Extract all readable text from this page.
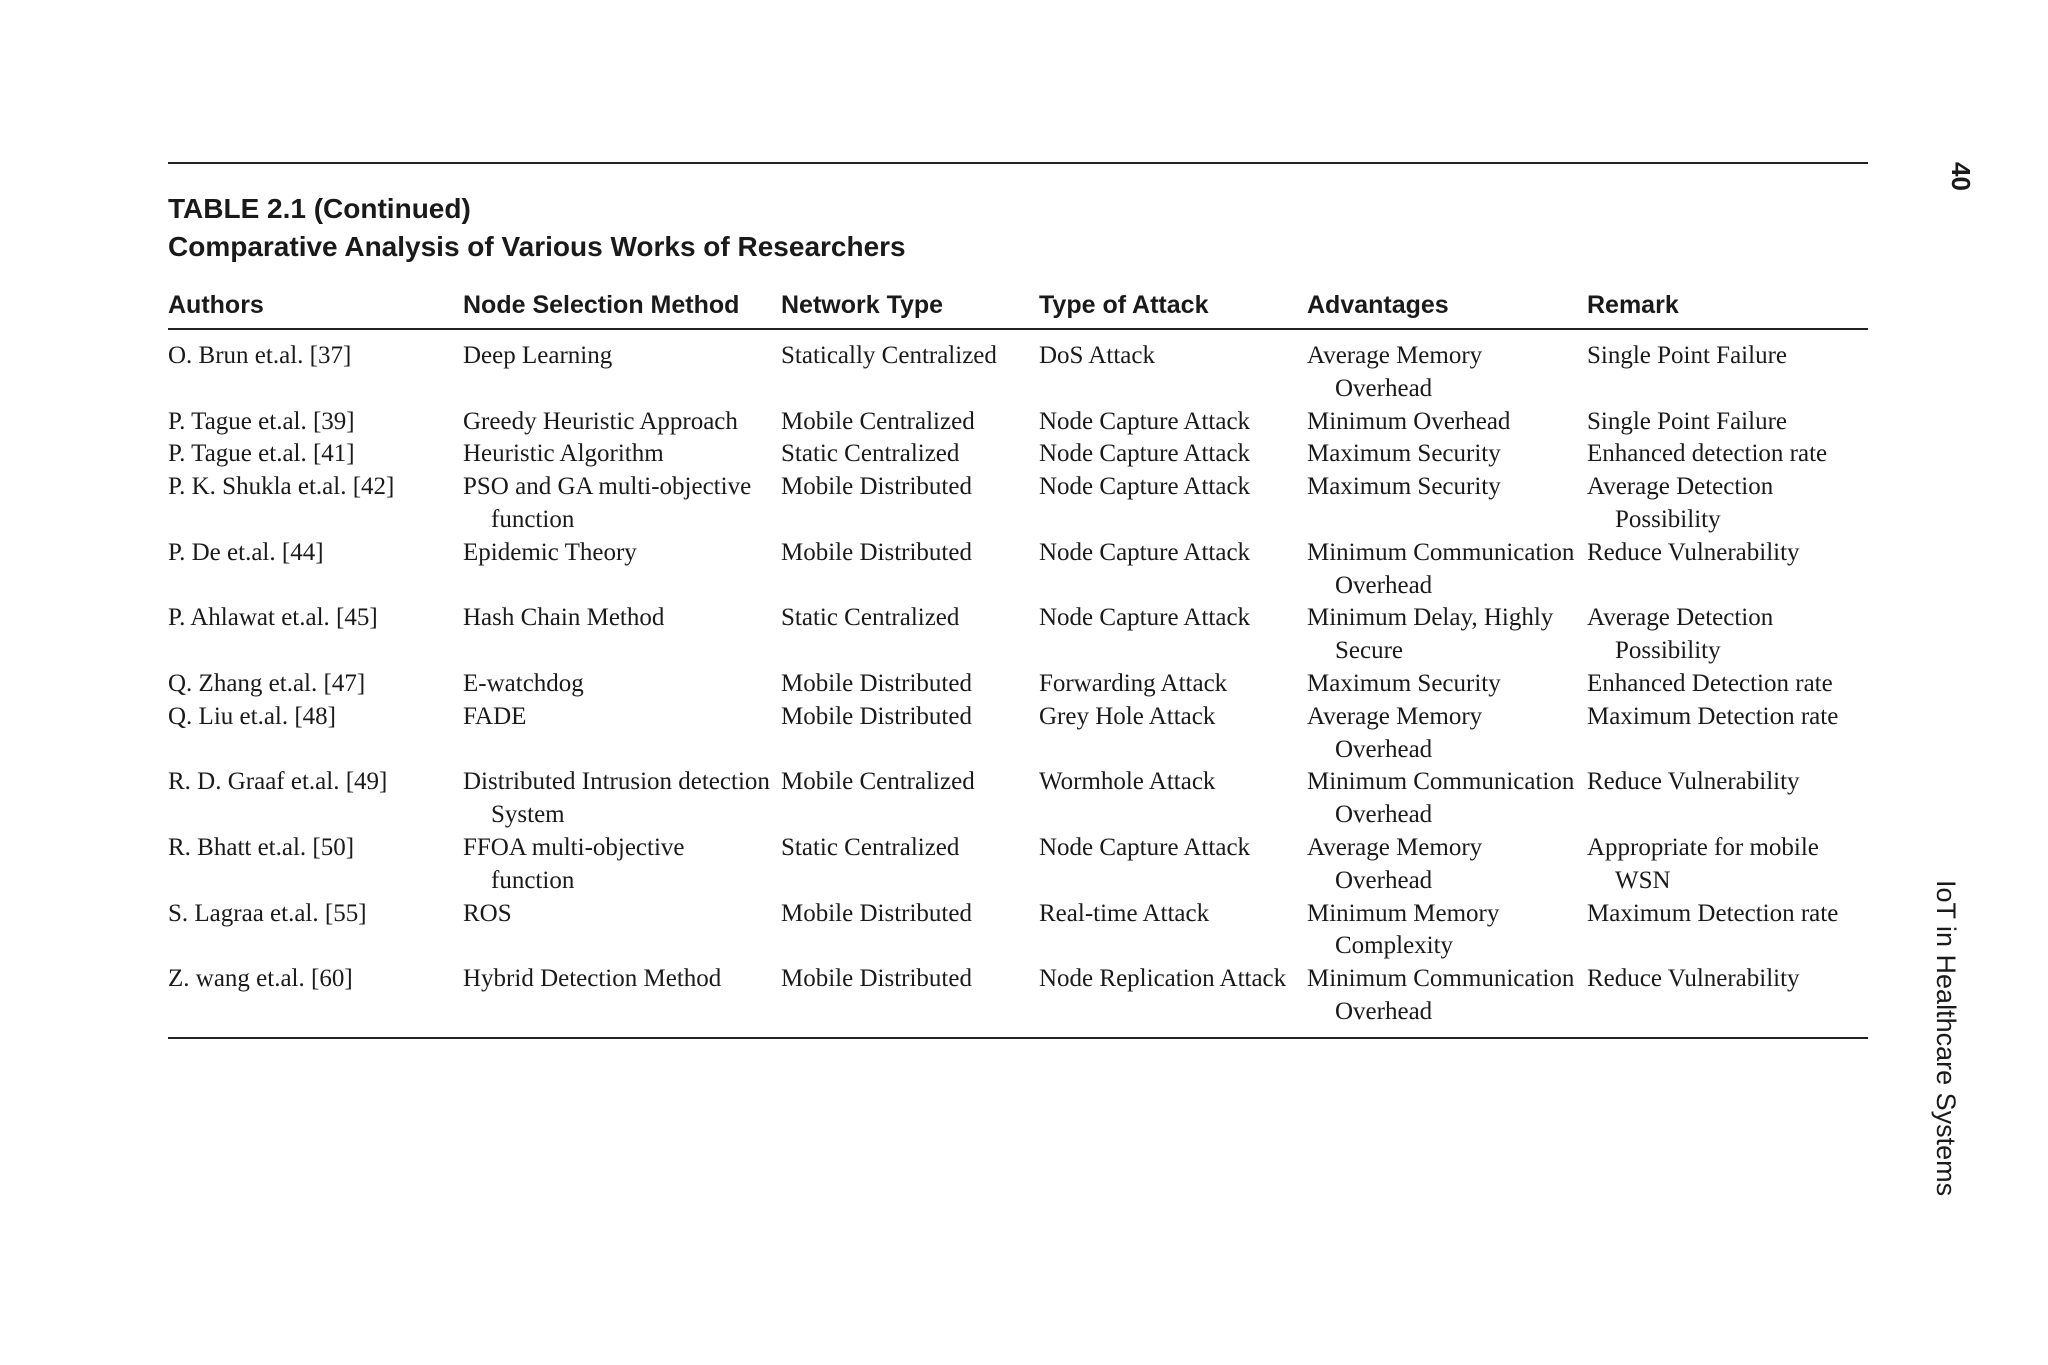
TABLE 2.1 (Continued)
Comparative Analysis of Various Works of Researchers
Authors	Node Selection Method	Network Type	Type of Attack	Advantages	Remark

O. Brun et.al. [37]	Deep Learning	Statically Centralized	DoS Attack	Average Memory Overhead	Single Point Failure

P. Tague et.al. [39]	Greedy Heuristic Approach	Mobile Centralized	Node Capture Attack	Minimum Overhead	Single Point Failure

P. Tague et.al. [41]	Heuristic Algorithm	Static Centralized	Node Capture Attack	Maximum Security	Enhanced detection rate

P. K. Shukla et.al. [42]	PSO and GA multi-objective function	Mobile Distributed	Node Capture Attack	Maximum Security	Average Detection Possibility

P. De et.al. [44]	Epidemic Theory	Mobile Distributed	Node Capture Attack	Minimum Communication Overhead	Reduce Vulnerability

P. Ahlawat et.al. [45]	Hash Chain Method	Static Centralized	Node Capture Attack	Minimum Delay, Highly Secure	Average Detection Possibility

Q. Zhang et.al. [47]	E-watchdog	Mobile Distributed	Forwarding Attack	Maximum Security	Enhanced Detection rate

Q. Liu et.al. [48]	FADE	Mobile Distributed	Grey Hole Attack	Average Memory Overhead	Maximum Detection rate

R. D. Graaf et.al. [49]	Distributed Intrusion detection System	Mobile Centralized	Wormhole Attack	Minimum Communication Overhead	Reduce Vulnerability

R. Bhatt et.al. [50]	FFOA multi-objective function	Static Centralized	Node Capture Attack	Average Memory Overhead	Appropriate for mobile WSN

S. Lagraa et.al. [55]	ROS	Mobile Distributed	Real-time Attack	Minimum Memory Complexity	Maximum Detection rate

Z. wang et.al. [60]	Hybrid Detection Method	Mobile Distributed	Node Replication Attack	Minimum Communication Overhead	Reduce Vulnerability
40
IoT in Healthcare Systems
